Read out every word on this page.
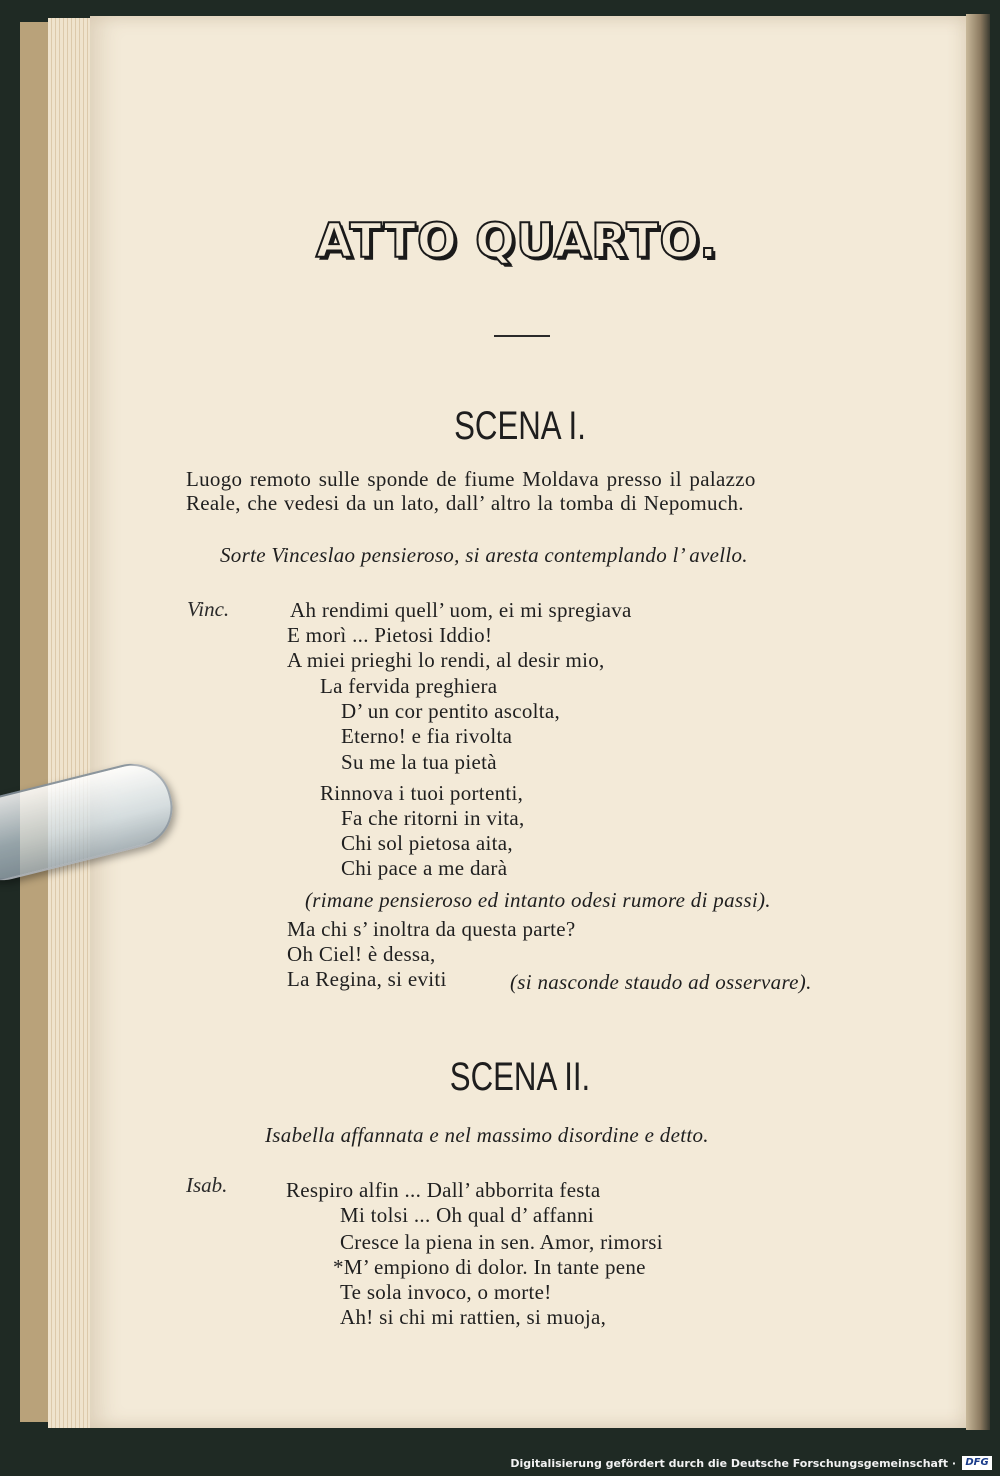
ATTO QUARTO.
SCENA I.
Luogo remoto sulle sponde de fiume Moldava presso il palazzo
Reale, che vedesi da un lato, dall’ altro la tomba di Nepomuch.
Sorte Vinceslao pensieroso, si aresta contemplando l’ avello.
Vinc.	Ah rendimi quell’ uom, ei mi spregiava
E morì ... Pietosi Iddio!
A miei prieghi lo rendi, al desir mio,
La fervida preghiera
D’ un cor pentito ascolta,
Eterno! e fia rivolta
Su me la tua pietà
Rinnova i tuoi portenti,
Fa che ritorni in vita,
Chi sol pietosa aita,
Chi pace a me darà
(rimane pensieroso ed intanto odesi rumore di passi).
Ma chi s’ inoltra da questa parte?
Oh Ciel! è dessa,
La Regina, si eviti	(si nasconde staudo ad osservare).
SCENA II.
Isabella affannata e nel massimo disordine e detto.
Isab.	Respiro alfin ... Dall’ abborrita festa
Mi tolsi ... Oh qual d’ affanni
Cresce la piena in sen. Amor, rimorsi
*M’ empiono di dolor. In tante pene
Te sola invoco, o morte!
Ah! si chi mi rattien, si muoja,
Digitalisierung gefördert durch die Deutsche Forschungsgemeinschaft · DFG
